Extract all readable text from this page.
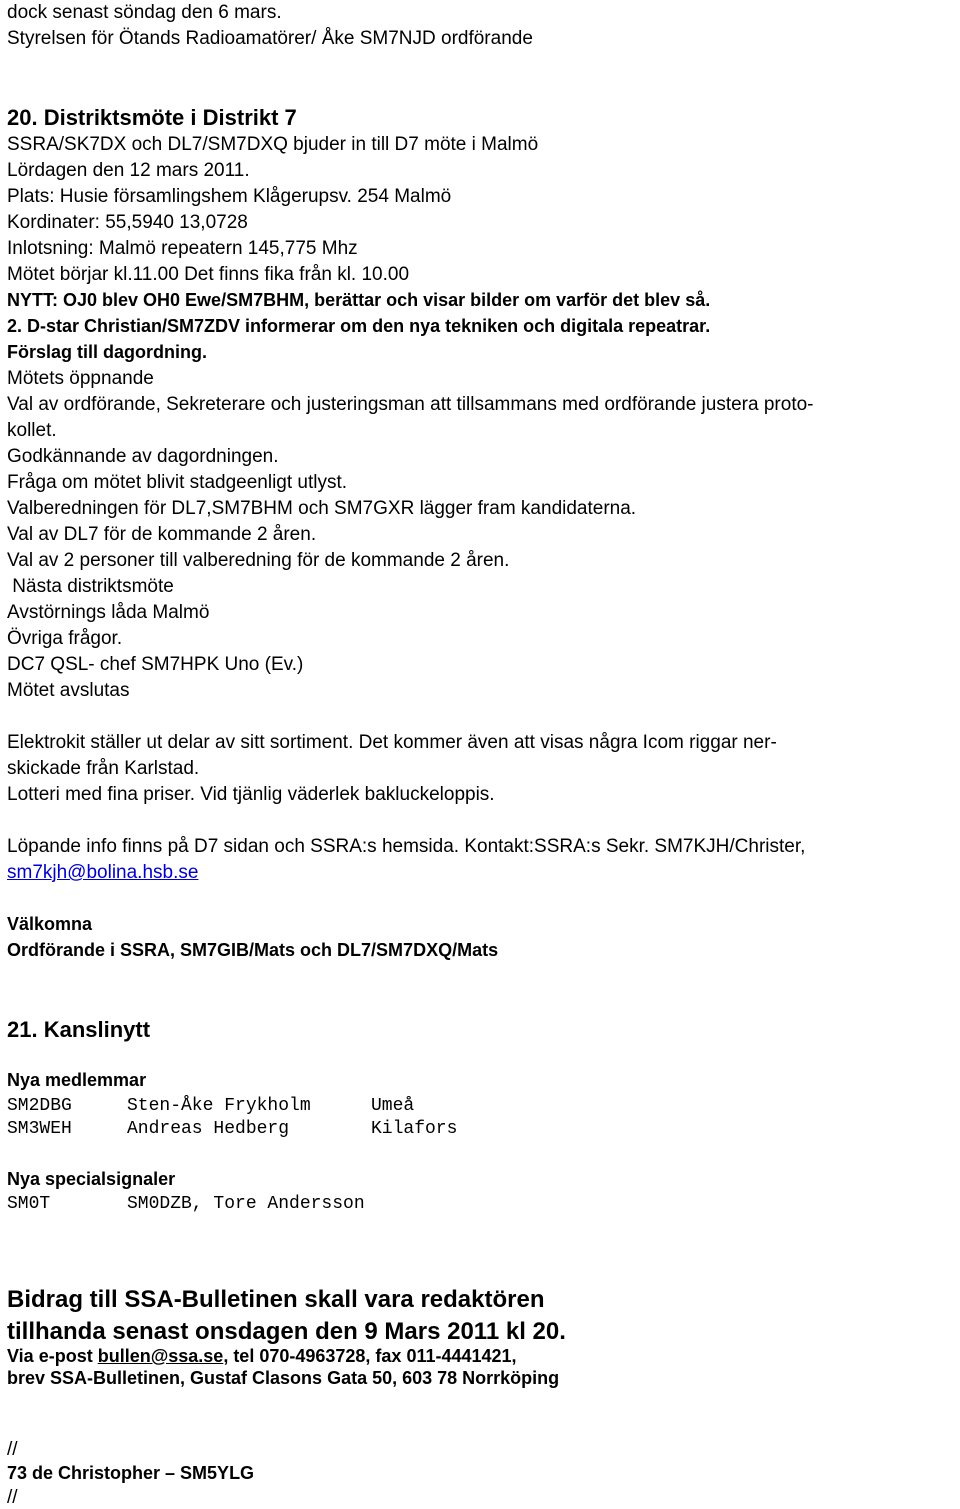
dock senast söndag den 6 mars.
Styrelsen för Ötands Radioamatörer/ Åke SM7NJD ordförande
20. Distriktsmöte i Distrikt 7
SSRA/SK7DX och DL7/SM7DXQ bjuder in till D7 möte i Malmö
Lördagen den 12 mars 2011.
Plats: Husie församlingshem Klågerupsv. 254 Malmö
Kordinater: 55,5940 13,0728
Inlotsning: Malmö repeatern 145,775 Mhz
Mötet börjar kl.11.00 Det finns fika från kl. 10.00
NYTT: OJ0 blev OH0 Ewe/SM7BHM, berättar och visar bilder om varför det blev så.
2. D-star Christian/SM7ZDV informerar om den nya tekniken och digitala repeatrar.
Förslag till dagordning.
Mötets öppnande
Val av ordförande, Sekreterare och justeringsman att tillsammans med ordförande justera proto-
kollet.
Godkännande av dagordningen.
Fråga om mötet blivit stadgeenligt utlyst.
Valberedningen för DL7,SM7BHM och SM7GXR lägger fram kandidaterna.
Val av DL7 för de kommande 2 åren.
Val av 2 personer till valberedning för de kommande 2 åren.
Nästa distriktsmöte
Avstörnings låda Malmö
Övriga frågor.
DC7 QSL- chef SM7HPK Uno (Ev.)
Mötet avslutas
Elektrokit ställer ut delar av sitt sortiment. Det kommer även att visas några Icom riggar ner-
skickade från Karlstad.
Lotteri med fina priser. Vid tjänlig väderlek bakluckeloppis.
Löpande info finns på D7 sidan och SSRA:s hemsida. Kontakt:SSRA:s Sekr. SM7KJH/Christer,
sm7kjh@bolina.hsb.se
Välkomna
Ordförande i SSRA, SM7GIB/Mats och DL7/SM7DXQ/Mats
21. Kanslinytt
Nya medlemmar
SM2DBG	Sten-Åke Frykholm	Umeå
SM3WEH	Andreas Hedberg	Kilafors
Nya specialsignaler
SM0T	SM0DZB, Tore Andersson
Bidrag till SSA-Bulletinen skall vara redaktören
tillhanda senast onsdagen den 9 Mars 2011 kl 20.
Via e-post bullen@ssa.se, tel 070-4963728, fax 011-4441421,
brev SSA-Bulletinen, Gustaf Clasons Gata 50, 603 78 Norrköping
//
73 de Christopher – SM5YLG
//
